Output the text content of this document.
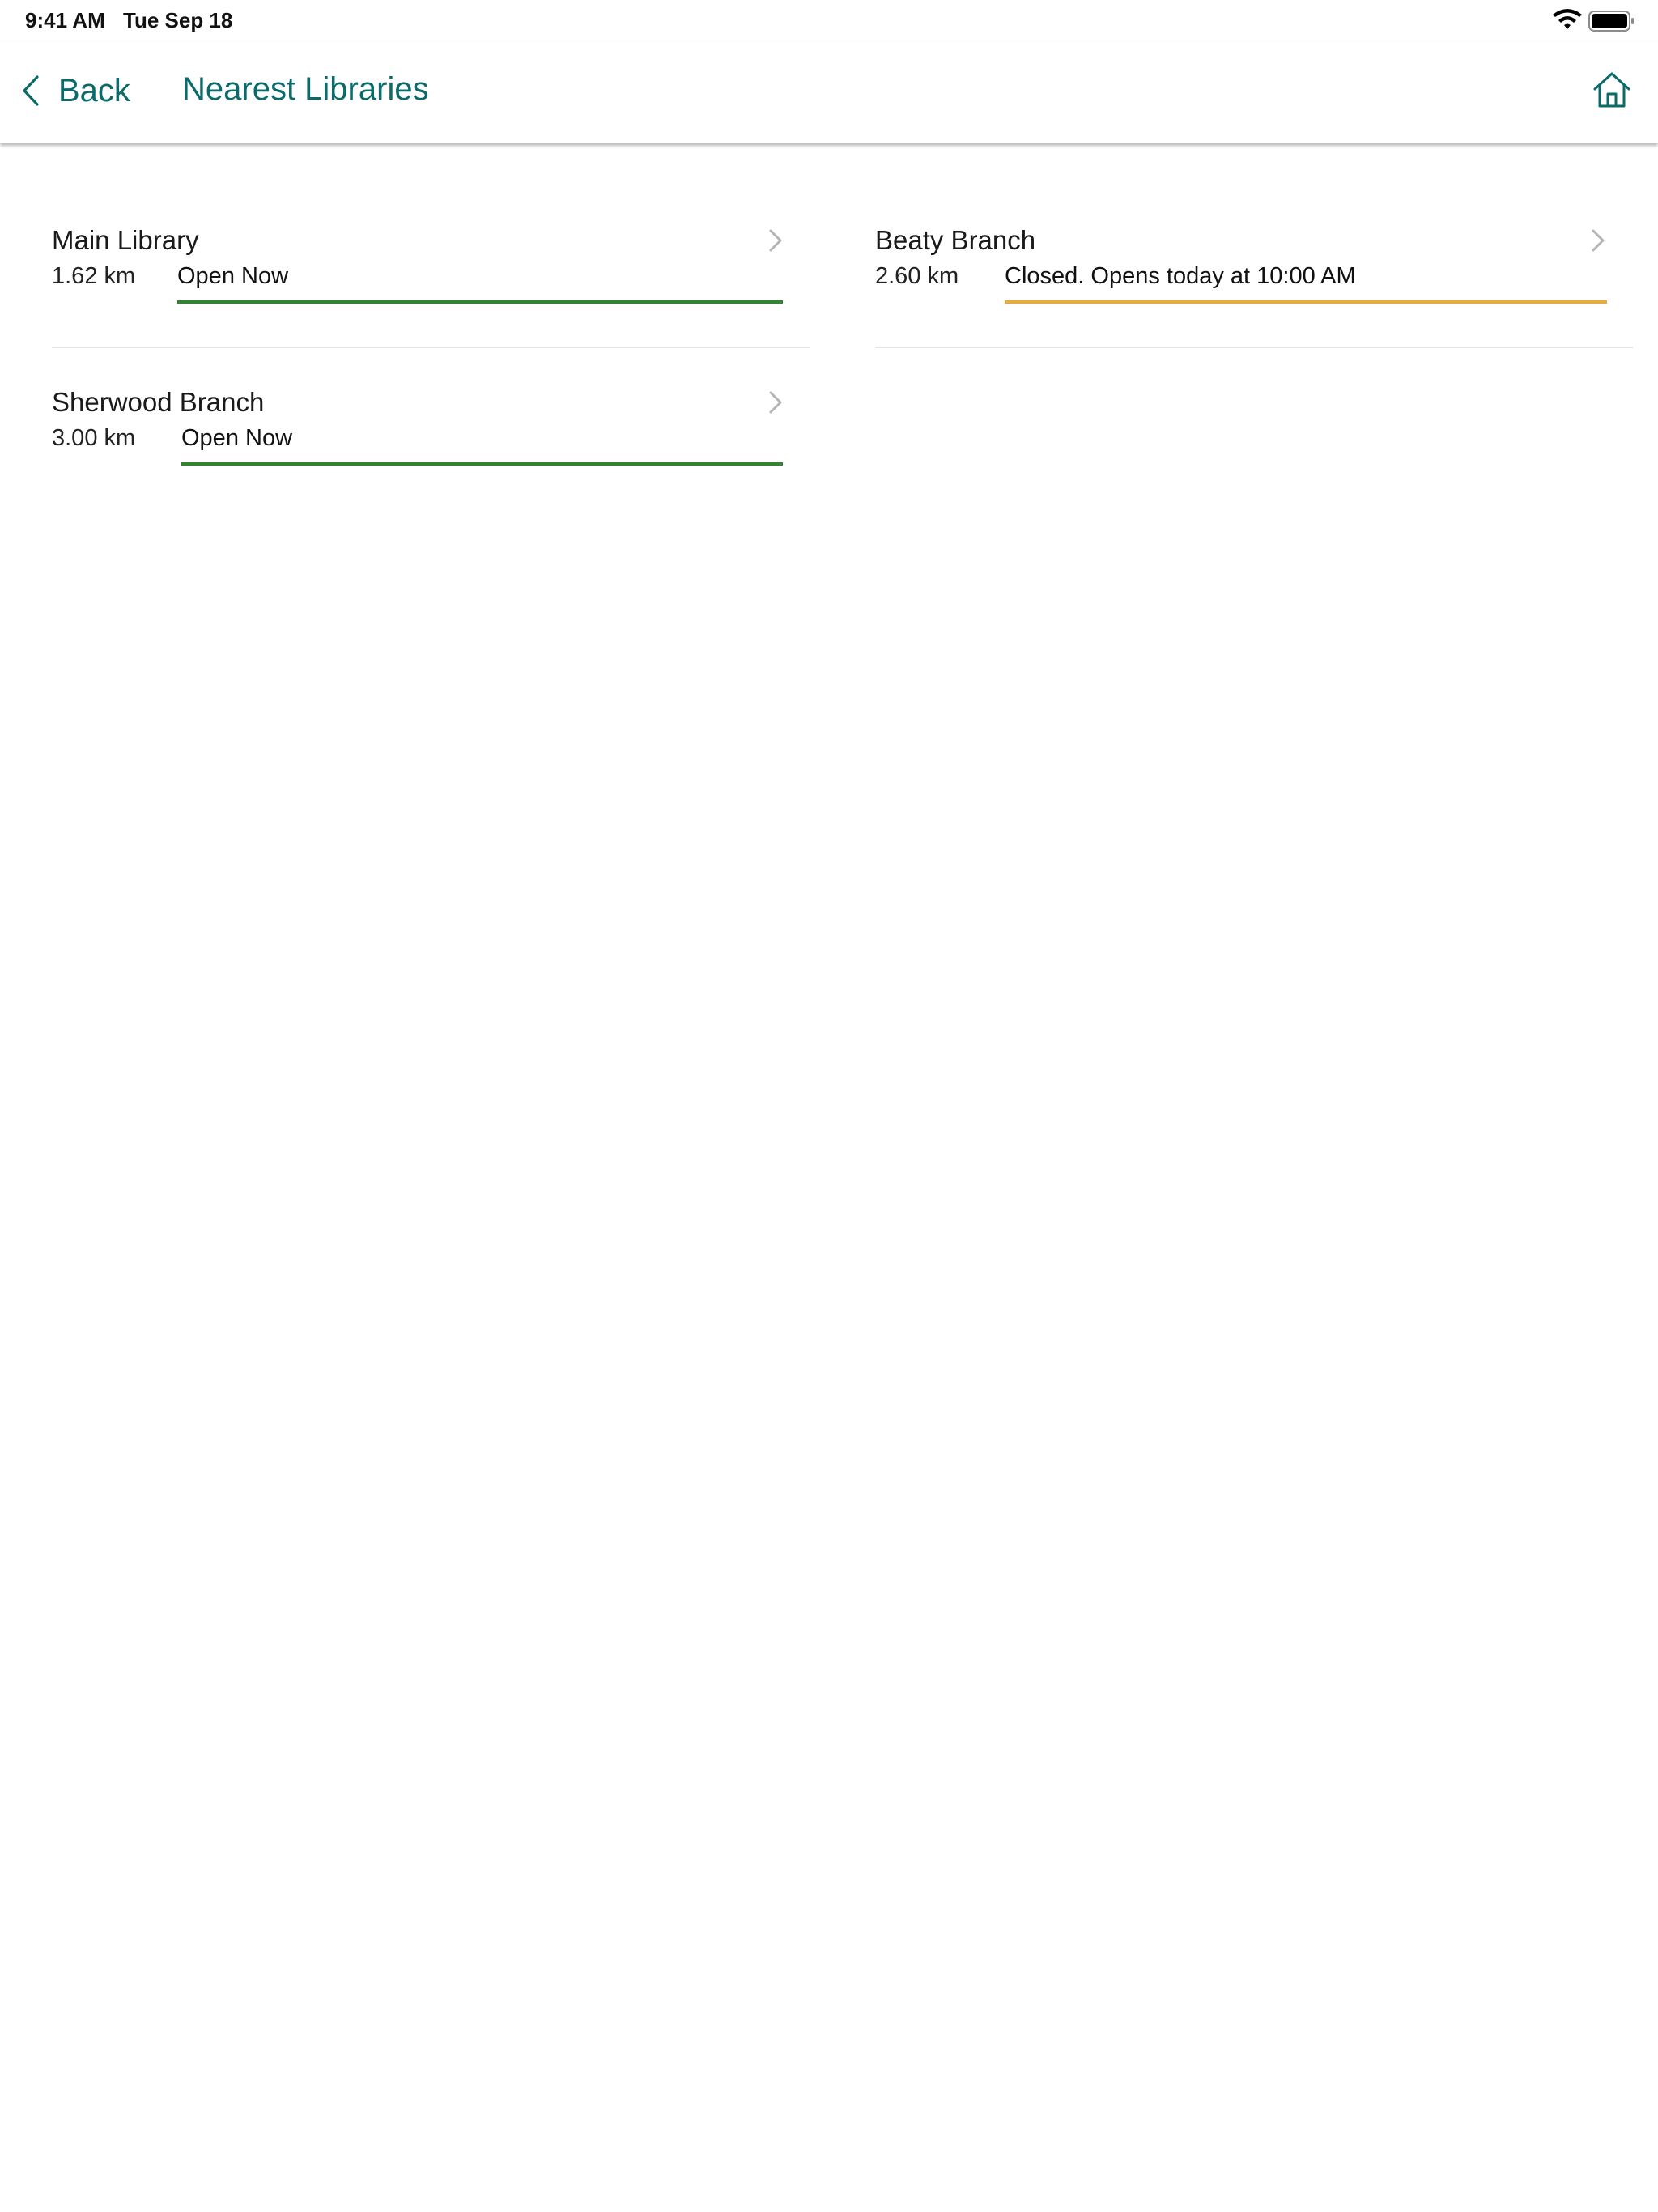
9:41 AM Tue Sep 18
Back Nearest Libraries
Main Library
1.62 km Open Now
Beaty Branch
2.60 km Closed. Opens today at 10:00 AM
Sherwood Branch
3.00 km Open Now
